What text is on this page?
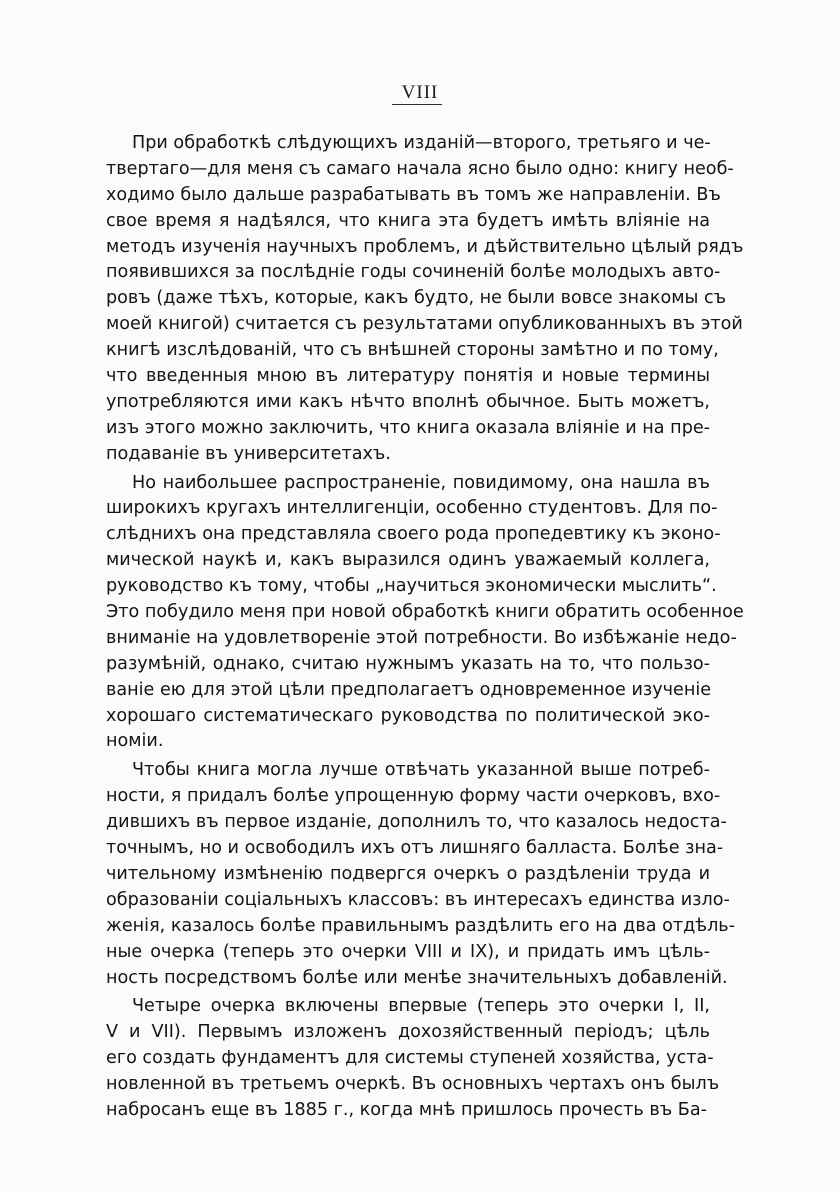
VIII
При обработкѣ слѣдующихъ изданій—второго, третьяго и че-
твертаго—для меня съ самаго начала ясно было одно: книгу необ-
ходимо было дальше разрабатывать въ томъ же направленіи. Въ
свое время я надѣялся, что книга эта будетъ имѣть вліяніе на
методъ изученія научныхъ проблемъ, и дѣйствительно цѣлый рядъ
появившихся за послѣдніе годы сочиненій болѣе молодыхъ авто-
ровъ (даже тѣхъ, которые, какъ будто, не были вовсе знакомы съ
моей книгой) считается съ результатами опубликованныхъ въ этой
книгѣ изслѣдованій, что съ внѣшней стороны замѣтно и по тому,
что введенныя мною въ литературу понятія и новые термины
употребляются ими какъ нѣчто вполнѣ обычное. Быть можетъ,
изъ этого можно заключить, что книга оказала вліяніе и на пре-
подаваніе въ университетахъ.
Но наибольшее распространеніе, повидимому, она нашла въ
широкихъ кругахъ интеллигенціи, особенно студентовъ. Для по-
слѣднихъ она представляла своего рода пропедевтику къ эконо-
мической наукѣ и, какъ выразился одинъ уважаемый коллега,
руководство къ тому, чтобы „научиться экономически мыслить“.
Это побудило меня при новой обработкѣ книги обратить особенное
вниманіе на удовлетвореніе этой потребности. Во избѣжаніе недо-
разумѣній, однако, считаю нужнымъ указать на то, что пользо-
ваніе ею для этой цѣли предполагаетъ одновременное изученіе
хорошаго систематическаго руководства по политической эко-
номіи.
Чтобы книга могла лучше отвѣчать указанной выше потреб-
ности, я придалъ болѣе упрощенную форму части очерковъ, вхо-
дившихъ въ первое изданіе, дополнилъ то, что казалось недоста-
точнымъ, но и освободилъ ихъ отъ лишняго балласта. Болѣе зна-
чительному измѣненію подвергся очеркъ о раздѣленіи труда и
образованіи соціальныхъ классовъ: въ интересахъ единства изло-
женія, казалось болѣе правильнымъ раздѣлить его на два отдѣль-
ные очерка (теперь это очерки VIII и IX), и придать имъ цѣль-
ность посредствомъ болѣе или менѣе значительныхъ добавленій.
Четыре очерка включены впервые (теперь это очерки I, II,
V и VII). Первымъ изложенъ дохозяйственный періодъ; цѣль
его создать фундаментъ для системы ступеней хозяйства, уста-
новленной въ третьемъ очеркѣ. Въ основныхъ чертахъ онъ былъ
набросанъ еще въ 1885 г., когда мнѣ пришлось прочесть въ Ба-
